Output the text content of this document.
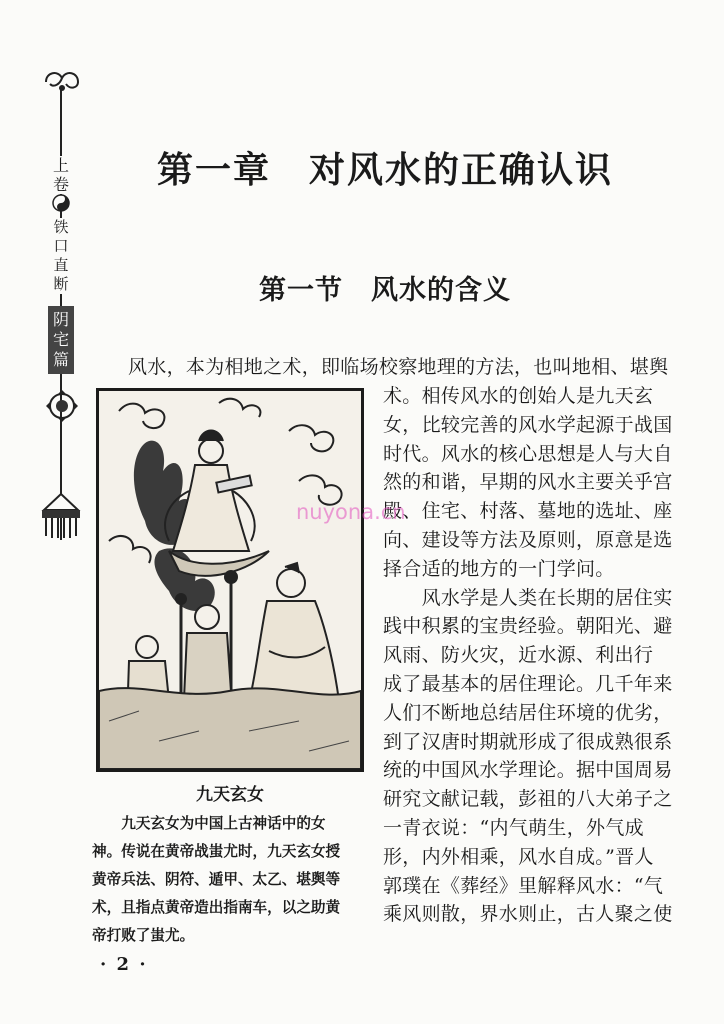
上卷
铁口直断
阴宅篇
第一章　对风水的正确认识
第一节　风水的含义
风水，本为相地之术，即临场校察地理的方法，也叫地相、堪舆
术。相传风水的创始人是九天玄
女，比较完善的风水学起源于战国
时代。风水的核心思想是人与大自
然的和谐，早期的风水主要关乎宫
殿、住宅、村落、墓地的选址、座
向、建设等方法及原则，原意是选
择合适的地方的一门学问。
　　风水学是人类在长期的居住实
践中积累的宝贵经验。朝阳光、避
风雨、防火灾，近水源、利出行
成了最基本的居住理论。几千年来
人们不断地总结居住环境的优劣，
到了汉唐时期就形成了很成熟很系
统的中国风水学理论。据中国周易
研究文献记载，彭祖的八大弟子之
一青衣说：“内气萌生，外气成
形，内外相乘，风水自成。”晋人
郭璞在《葬经》里解释风水：“气
乘风则散，界水则止，古人聚之使
九天玄女
　　九天玄女为中国上古神话中的女
神。传说在黄帝战蚩尤时，九天玄女授
黄帝兵法、阴符、遁甲、太乙、堪舆等
术，且指点黄帝造出指南车，以之助黄
帝打败了蚩尤。
· 2 ·
nuyona.cn
